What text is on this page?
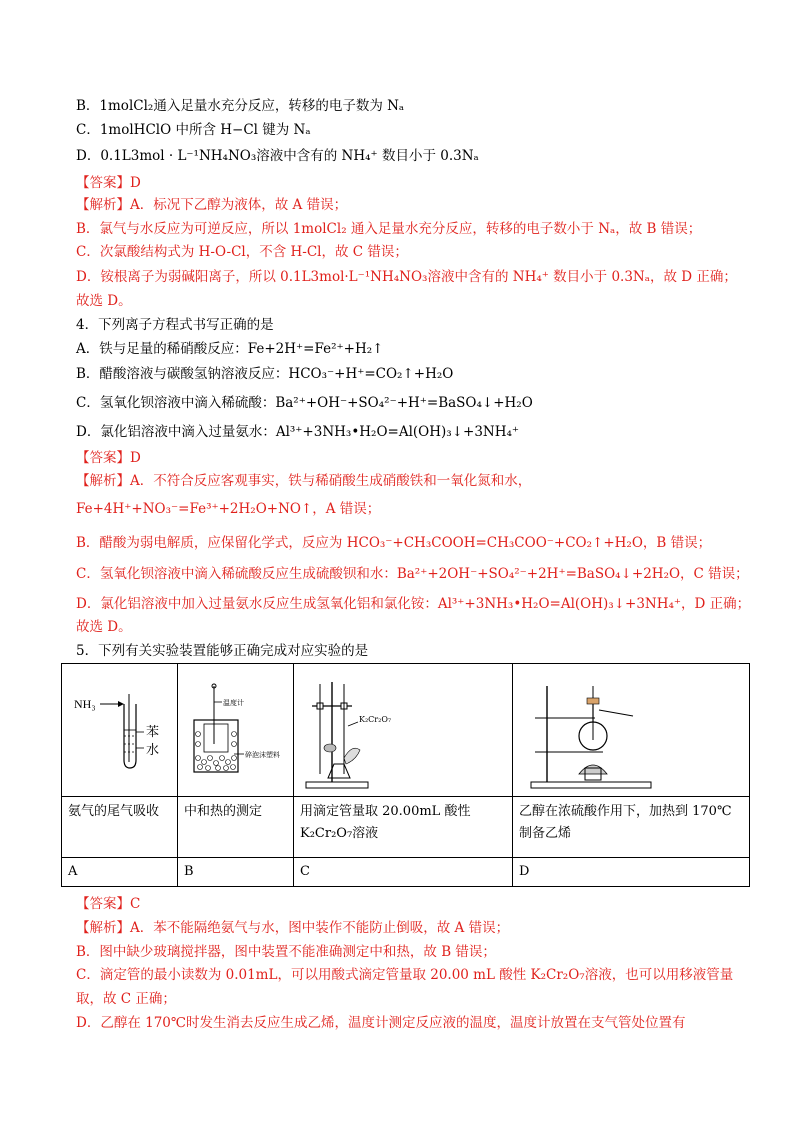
B．1molCl₂通入足量水充分反应，转移的电子数为 Nₐ
C．1molHClO 中所含 H−Cl 键为 Nₐ
D．0.1L3mol · L⁻¹NH₄NO₃溶液中含有的 NH₄⁺ 数目小于 0.3Nₐ
【答案】D
【解析】A．标况下乙醇为液体，故 A 错误；
B．氯气与水反应为可逆反应，所以 1molCl₂ 通入足量水充分反应，转移的电子数小于 Nₐ，故 B 错误；
C．次氯酸结构式为 H-O-Cl，不含 H-Cl，故 C 错误；
D．铵根离子为弱碱阳离子，所以 0.1L3mol·L⁻¹NH₄NO₃溶液中含有的 NH₄⁺ 数目小于 0.3Nₐ，故 D 正确；
故选 D。
4．下列离子方程式书写正确的是
A．铁与足量的稀硝酸反应：Fe+2H⁺=Fe²⁺+H₂↑
B．醋酸溶液与碳酸氢钠溶液反应：HCO₃⁻+H⁺=CO₂↑+H₂O
C．氢氧化钡溶液中滴入稀硫酸：Ba²⁺+OH⁻+SO₄²⁻+H⁺=BaSO₄↓+H₂O
D．氯化铝溶液中滴入过量氨水：Al³⁺+3NH₃•H₂O=Al(OH)₃↓+3NH₄⁺
【答案】D
【解析】A．不符合反应客观事实，铁与稀硝酸生成硝酸铁和一氧化氮和水，
Fe+4H⁺+NO₃⁻=Fe³⁺+2H₂O+NO↑，A 错误；
B．醋酸为弱电解质，应保留化学式，反应为 HCO₃⁻+CH₃COOH=CH₃COO⁻+CO₂↑+H₂O，B 错误；
C．氢氧化钡溶液中滴入稀硫酸反应生成硫酸钡和水：Ba²⁺+2OH⁻+SO₄²⁻+2H⁺=BaSO₄↓+2H₂O，C 错误；
D．氯化铝溶液中加入过量氨水反应生成氢氧化铝和氯化铵：Al³⁺+3NH₃•H₂O=Al(OH)₃↓+3NH₄⁺，D 正确；
故选 D。
5．下列有关实验装置能够正确完成对应实验的是
NH₃
苯
水	温度计
碎泡沫塑料	K₂Cr₂O₇

氨气的尾气吸收	中和热的测定	用滴定管量取 20.00mL 酸性 K₂Cr₂O₇溶液	乙醇在浓硫酸作用下，加热到 170℃制备乙烯
A	B	C	D
【答案】C
【解析】A．苯不能隔绝氨气与水，图中装作不能防止倒吸，故 A 错误；
B．图中缺少玻璃搅拌器，图中装置不能准确测定中和热，故 B 错误；
C．滴定管的最小读数为 0.01mL，可以用酸式滴定管量取 20.00 mL 酸性 K₂Cr₂O₇溶液，也可以用移液管量
取，故 C 正确；
D．乙醇在 170℃时发生消去反应生成乙烯，温度计测定反应液的温度，温度计放置在支气管处位置有
